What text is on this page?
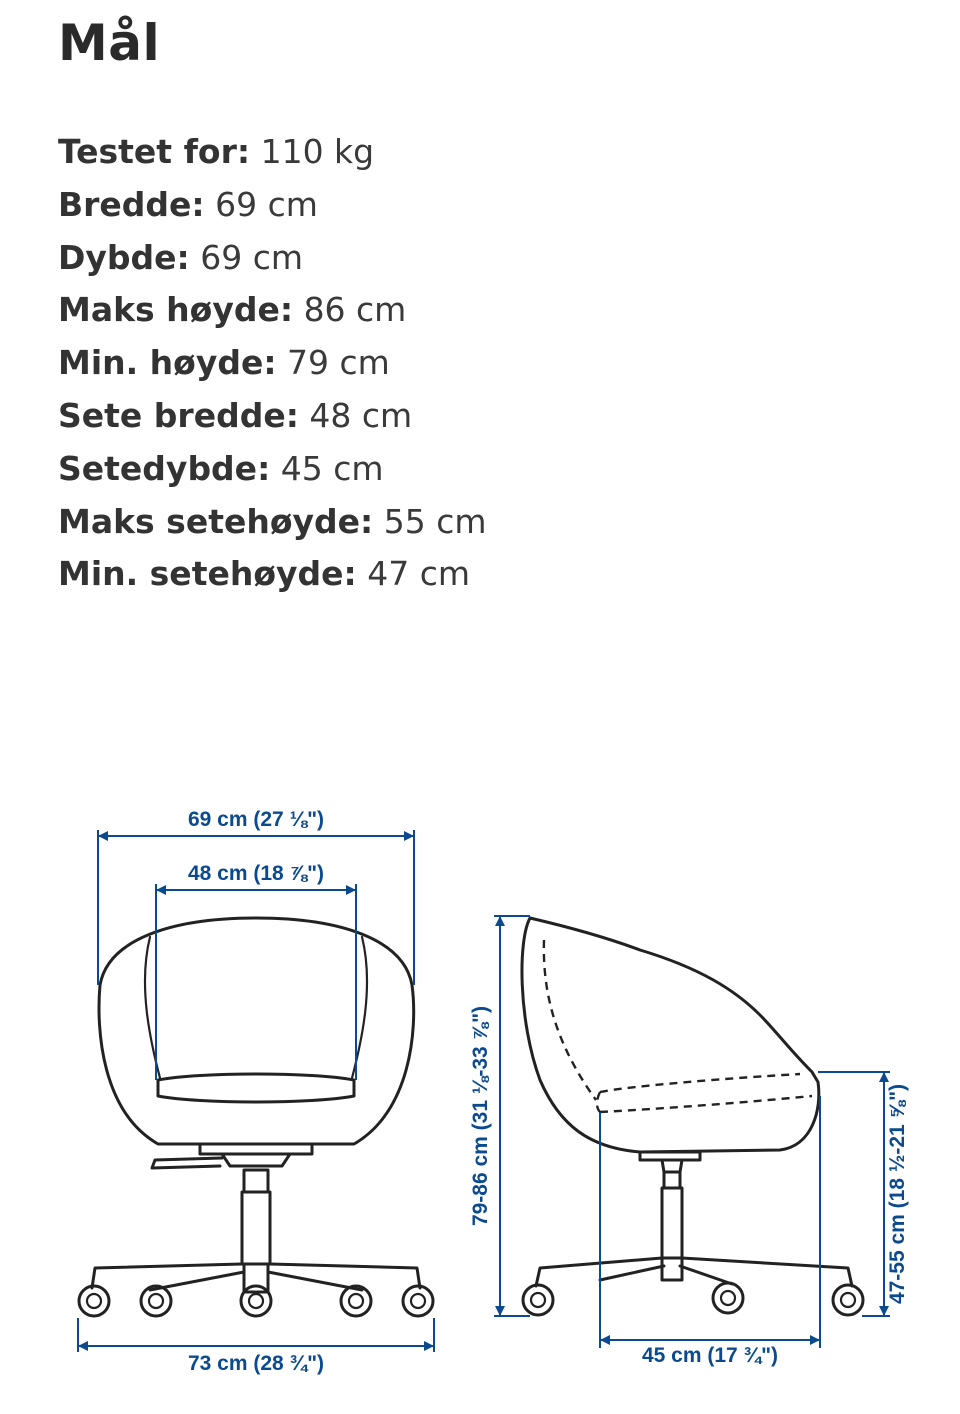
Mål
Testet for: 110 kg
Bredde: 69 cm
Dybde: 69 cm
Maks høyde: 86 cm
Min. høyde: 79 cm
Sete bredde: 48 cm
Setedybde: 45 cm
Maks setehøyde: 55 cm
Min. setehøyde: 47 cm
69 cm (27 ⅛")
48 cm (18 ⅞")
73 cm (28 ¾")
79-86 cm (31 ⅛-33 ⅞")
45 cm (17 ¾")
47-55 cm (18 ½-21 ⅝")
